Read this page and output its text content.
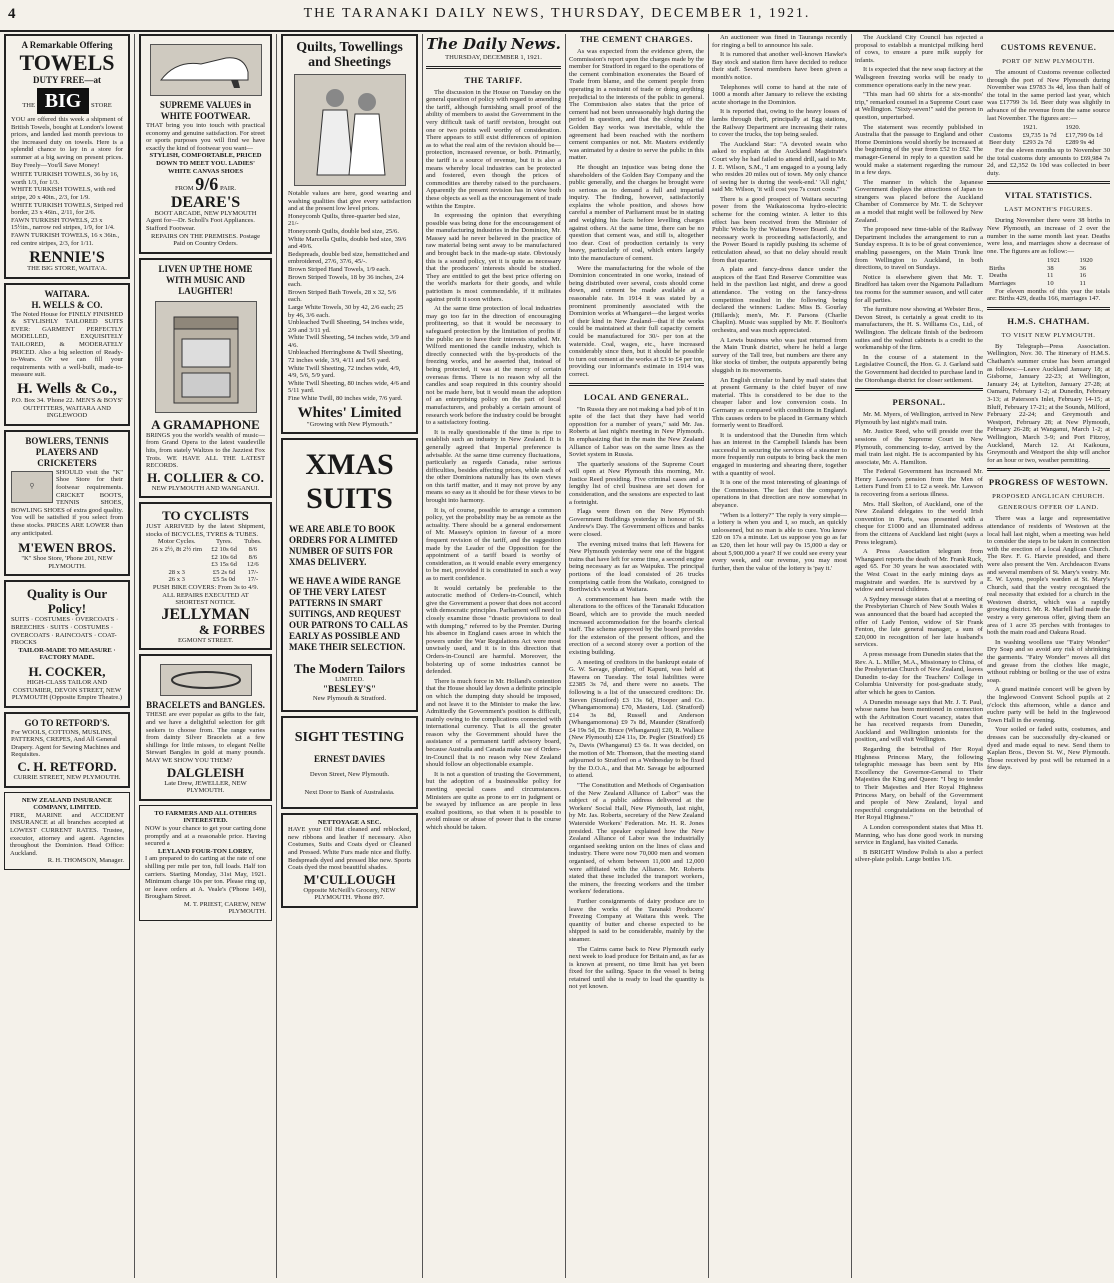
4	THE TARANAKI DAILY NEWS, THURSDAY, DECEMBER 1, 1921.
A Remarkable Offering
TOWELS
DUTY FREE—at
THE BIG STORE
YOU are offered this week a shipment of British Towels, bought at London's lowest prices, and landed last month previous to the increased duty on towels. Here is a splendid chance to lay in a store for summer at a big saving on present prices. Buy Freely—You'll Save Money!
WHITE TURKISH TOWELS, 36 by 16, worth 1/3, for 1/3.
WHITE TURKISH TOWELS, with red stripe, 20 x 40in., 2/3, for 1/9.
WHITE TURKISH TOWELS, Striped red border, 23 x 46in., 2/11, for 2/6.
FAWN TURKISH TOWELS, 23 x 15½in., narrow red stripes, 1/9, for 1/4.
FAWN TURKISH TOWELS, 16 x 36in., red centre stripes, 2/3, for 1/11.
RENNIE'S
THE BIG STORE, WAITA'A.
WAITARA.
H. WELLS & CO.
The Noted House for FINELY FINISHED & STYLISHLY TAILORED SUITS EVER: GARMENT PERFECTLY MODELLED, EXQUISITELY TAILORED, & MODERATELY PRICED. Also a big selection of Ready-to-Wears. Or we can fill your requirements with a well-built, made-to-measure suit.
H. Wells & Co.,
P.O. Box 34. 'Phone 22. MEN'S & BOYS' OUTFITTERS, WAITARA AND INGLEWOOD
BOWLERS, TENNIS PLAYERS AND CRICKETERS
⚲
SHOULD visit the "K" Shoe Store for their footwear requirements. CRICKET BOOTS, TENNIS SHOES, BOWLING SHOES of extra good quality. You will be satisfied if you select from these stocks. PRICES ARE LOWER than any anticipated.
M'EWEN BROS.
"K" Shoe Store, 'Phone 201, NEW PLYMOUTH.
Quality is Our Policy!
SUITS · COSTUMES · OVERCOATS · BREECHES · SUITS · COSTUMES · OVERCOATS · RAINCOATS · COAT-FROCKS
TAILOR-MADE TO MEASURE · FACTORY MADE.
H. COCKER,
HIGH-CLASS TAILOR AND COSTUMIER, DEVON STREET, NEW PLYMOUTH (Opposite Empire Theatre.)
GO TO RETFORD'S.
For WOOLS, COTTONS, MUSLINS, PATTERNS, CREPES, And All General Drapery. Agent for Sewing Machines and Requisites.
C. H. RETFORD.
CURRIE STREET, NEW PLYMOUTH.
NEW ZEALAND INSURANCE COMPANY, LIMITED.
FIRE, MARINE and ACCIDENT INSURANCE at all branches accepted at LOWEST CURRENT RATES. Trustee, executor, attorney and agent. Agencies throughout the Dominion. Head Office: Auckland.
R. H. THOMSON, Manager.
SUPREME VALUES in WHITE FOOTWEAR.
THAT bring you into touch with practical economy and genuine satisfaction. For street or sports purposes you will find we have exactly the kind of footwear you want—
STYLISH, COMFORTABLE, PRICED DOWN TO MEET YOU. LADIES' WHITE CANVAS SHOES
FROM 9/6 PAIR.
DEARE'S
BOOT ARCADE, NEW PLYMOUTH
Agent for—Dr. Scholl's Foot Appliances. Stafford Footwear.
REPAIRS ON THE PREMISES. Postage Paid on Country Orders.
LIVEN UP THE HOME WITH MUSIC AND LAUGHTER!
A GRAMAPHONE
BRINGS you the world's wealth of music—from Grand Opera to the latest vaudeville hits, from stately Waltzes to the Jazziest Fox Trots. WE HAVE ALL THE LATEST RECORDS.
H. COLLIER & CO.
NEW PLYMOUTH AND WANGANUI.
TO CYCLISTS
JUST ARRIVED by the latest Shipment, stocks of BICYCLES, TYRES & TUBES.
Motor Cycles.	Tyres.	Tubes.
26 x 2½, 8t 2½ rim	£2 10s 6d	8/6
	£2 10s 6d	8/6
	£3 15s 6d	12/6
28 x 3	£5 2s 6d	17/-
26 x 3	£5 5s 0d	17/-
PUSH BIKE COVERS: From 3s to 4/9. ALL REPAIRS EXECUTED AT SHORTEST NOTICE.
JELLYMAN
& FORBES
EGMONT STREET.
BRACELETS and BANGLES.
THESE are ever popular as gifts to the fair, and we have a delightful selection for gift seekers to choose from. The range varies from dainty Silver Bracelets at a few shillings for little misses, to elegant Nellie Stewart Bangles in gold at many pounds. MAY WE SHOW YOU THEM?
DALGLEISH
Late Drew, JEWELLER, NEW PLYMOUTH.
TO FARMERS AND ALL OTHERS INTERESTED.
NOW is your chance to get your carting done promptly and at a reasonable price. Having secured a
LEYLAND FOUR-TON LORRY,
I am prepared to do carting at the rate of one shilling per mile per ton, full loads. Half ton carriers. Starting Monday, 31st May, 1921. Minimum charge 10s per ton. Please ring up, or leave orders at A. Veale's ('Phone 149), Brougham Street.
M. T. PRIEST, CAREW, NEW PLYMOUTH.
Quilts, Towellings and Sheetings
Notable values are here, good wearing and washing qualities that give every satisfaction and at the present low level prices.
Honeycomb Quilts, three-quarter bed size, 21/-
Honeycomb Quilts, double bed size, 25/6.
White Marcella Quilts, double bed size, 39/6 and 49/6.
Bedspreads, double bed size, hemstitched and embroidered, 27/6, 37/6, 45/-.
Brown Striped Hand Towels, 1/9 each.
Brown Striped Towels, 18 by 36 inches, 2/4 each.
Brown Striped Bath Towels, 28 x 32, 5/6 each.
Large White Towels, 30 by 42, 2/6 each; 25 by 46, 3/6 each.
Unbleached Twill Sheeting, 54 inches wide, 2/9 and 3/11 yd.
White Twill Sheeting, 54 inches wide, 3/9 and 4/6.
Unbleached Herringbone & Twill Sheeting, 72 inches wide, 3/9, 4/11 and 5/6 yard.
White Twill Sheeting, 72 inches wide, 4/9, 4/9, 5/6, 5/9 yard.
White Twill Sheeting, 80 inches wide, 4/6 and 5/11 yard.
Fine White Twill, 80 inches wide, 7/6 yard.
Whites' Limited
"Growing with New Plymouth."
XMAS SUITS
WE ARE ABLE TO BOOK ORDERS FOR A LIMITED NUMBER OF SUITS FOR XMAS DELIVERY.
WE HAVE A WIDE RANGE OF THE VERY LATEST PATTERNS IN SMART SUITINGS, AND REQUEST OUR PATRONS TO CALL AS EARLY AS POSSIBLE AND MAKE THEIR SELECTION.
The Modern Tailors
LIMITED.
"BESLEY'S"
New Plymouth & Stratford.
SIGHT TESTING
ERNEST DAVIES
Devon Street, New Plymouth.
Next Door to Bank of Australasia.
NETTOYAGE A SEC.
HAVE your Oil Hat cleaned and reblocked, new ribbons and leather if necessary. Also Costumes, Suits and Coats dyed or Cleaned and Pressed. White Furs made nice and fluffy. Bedspreads dyed and pressed like new. Sports Coats dyed the most beautiful shades.
M'CULLOUGH
Opposite McNeill's Grocery, NEW PLYMOUTH. 'Phone 897.
The Daily News.
THURSDAY, DECEMBER 1, 1921.
THE TARIFF.
The discussion in the House on Tuesday on the general question of policy with regard to amending the tariff, although furnishing small proof of the ability of members to assist the Government in the very difficult task of tariff revision, brought out one or two points well worthy of consideration. There appears to still exist differences of opinion as to what the real aim of the revision should be—protection, increased revenue, or both. Primarily, the tariff is a source of revenue, but it is also a means whereby local industries can be protected and fostered, even though the prices of commodities are thereby raised to the purchasers. Apparently the present revision has in view both these objects as well as the encouragement of trade within the Empire.
In expressing the opinion that everything possible was being done for the encouragement of the manufacturing industries in the Dominion, Mr. Massey said he never believed in the practice of raw material being sent away to be manufactured and brought back in the made-up state. Obviously this is a sound policy, yet it is quite as necessary that the producers' interests should be studied. They are entitled to get the best price offering on the world's markets for their goods, and while patriotism is most commendable, if it militates against profit it soon withers.
At the same time protection of local industries may go too far in the direction of encouraging profiteering, so that it would be necessary to safeguard protection by the limitation of profits if the public are to have their interests studied. Mr. Wilford mentioned the candle industry, which is directly connected with the by-products of the freezing works, and he asserted that, instead of being protected, it was at the mercy of certain overseas firms. There is no reason why all the candles and soap required in this country should not be made here, but it would mean the adoption of an enterprising policy on the part of local manufacturers, and probably a certain amount of research work before the industry could be brought to a satisfactory footing.
It is really questionable if the time is ripe to establish such an industry in New Zealand. It is generally agreed that Imperial preference is advisable. At the same time currency fluctuations, particularly as regards Canada, raise serious difficulties, besides affecting prices, while each of the other Dominions naturally has its own views on this tariff matter, and it may not prove by any means so easy as it should be for these views to be brought into harmony.
It is, of course, possible to arrange a common policy, yet the probability may be as remote as the actuality. There should be a general endorsement of Mr. Massey's opinion in favour of a more frequent revision of the tariff, and the suggestion made by the Leader of the Opposition for the appointment of a tariff board is worthy of consideration, as it would enable every emergency to be met, provided it is constituted in such a way as to merit confidence.
It would certainly be preferable to the autocratic method of Orders-in-Council, which give the Government a power that does not accord with democratic principles. Parliament will need to closely examine those "drastic provisions to deal with dumping," referred to by the Premier. During his absence in England cases arose in which the powers under the War Regulations Act were most unwisely used, and it is in this direction that Orders-in-Council are harmful. Moreover, the bolstering up of some industries cannot be defended.
There is much force in Mr. Holland's contention that the House should lay down a definite principle on which the dumping duty should be imposed, and not leave it to the Minister to make the law. Admittedly the Government's position is difficult, mainly owing to the complications connected with international currency. That is all the greater reason why the Government should have the assistance of a permanent tariff advisory board, because Australia and Canada make use of Orders-in-Council that is no reason why New Zealand should follow an objectionable example.
It is not a question of trusting the Government, but the adoption of a businesslike policy for meeting special cases and circumstances. Ministers are quite as prone to err in judgment or be swayed by influence as are people in less exalted positions, so that when it is possible to avoid misuse or abuse of power that is the course which should be taken.
THE CEMENT CHARGES.
As was expected from the evidence given, the Commission's report upon the charges made by the member for Stratford in regard to the operations of the cement combination exonerates the Board of Trade from blame, and the cement people from operating in a restraint of trade or doing anything prejudicial to the interests of the public in general. The Commission also states that the price of cement had not been unreasonably high during the period in question, and that the closing of the Golden Bay works was inevitable, while the agreement had been reached with the northern cement companies or not. Mr. Masters evidently was animated by a desire to serve the public in this matter.
He thought an injustice was being done the shareholders of the Golden Bay Company and the public generally, and the charges he brought were so serious as to demand a full and impartial inquiry. The finding, however, satisfactorily explains the whole position, and shows how careful a member of Parliament must be in stating and weighing his facts before levelling charges against others. At the same time, there can be no question that cement was, and still is, altogether too dear. Cost of production certainly is very heavy, particularly of coal, which enters largely into the manufacture of cement.
Were the manufacturing for the whole of the Dominion concentrated in one works, instead of being distributed over several, costs should come down, and cement be made available at a reasonable rate. In 1914 it was stated by a prominent prominently associated with the Dominion works at Whangarei—the largest works of their kind in New Zealand—that if the works could be maintained at their full capacity cement could be manufactured for 30/- per ton at the waterside. Coal, wages, etc., have increased considerably since then, but it should be possible to turn out cement at the works at £3 to £4 per ton, providing our informant's estimate in 1914 was correct.
LOCAL AND GENERAL.
"In Russia they are not making a bad job of it in spite of the fact that they have had world opposition for a number of years," said Mr. Jas. Roberts at last night's meeting in New Plymouth. In emphasizing that in the main the New Zealand Alliance of Labor was on the same lines as the Soviet system in Russia.
The quarterly sessions of the Supreme Court will open at New Plymouth this morning, Mr. Justice Reed presiding. Five criminal cases and a lengthy list of civil business are set down for consideration, and the sessions are expected to last a fortnight.
Flags were flown on the New Plymouth Government Buildings yesterday in honour of St. Andrew's Day. The Government offices and banks were closed.
The evening mixed trains that left Hawera for New Plymouth yesterday were one of the biggest trains that have left for some time, a second engine being necessary as far as Waipuku. The principal portions of the load consisted of 26 trucks comprising cattle from the Waikato, consigned to Borthwick's works at Waitara.
A commencement has been made with the alterations to the offices of the Taranaki Education Board, which are to provide the much needed increased accommodation for the board's clerical staff. The scheme approved by the board provides for the extension of the present offices, and the erection of a second storey over a portion of the existing building.
A meeting of creditors in the bankrupt estate of G. W. Savage, plumber, of Kapuni, was held at Hawera on Tuesday. The total liabilities were £2385 3s 7d, and there were no assets. The following is a list of the unsecured creditors: Dr. Steven (Stratford) £3 13s 6d, Hooper and Co. (Whangamomona) £70, Masters, Ltd. (Stratford) £14 3s 8d, Russell and Anderson (Whangamomona) £9 7s 8d, Maunder (Stratford) £4 19s 5d, Dr. Bruce (Whanganui) £20, R. Wallace (New Plymouth) £24 11s, Dr. Pegler (Stratford) £6 7s, Davis (Whanganui) £3 6s. It was decided, on the motion of Mr. Thomson, that the meeting stand adjourned to Stratford on a Wednesday to be fixed by the D.O.A., and that Mr. Savage be adjourned to attend.
"The Constitution and Methods of Organisation of the New Zealand Alliance of Labor" was the subject of a public address delivered at the Workers' Social Hall, New Plymouth, last night, by Mr. Jas. Roberts, secretary of the New Zealand Waterside Workers' Federation. Mr. H. R. Jones presided. The speaker explained how the New Zealand Alliance of Labor was the industrially organised seeking union on the lines of class and industry. There were now 70,000 men and women organised, of whom between 11,000 and 12,000 were affiliated with the Alliance. Mr. Roberts stated that these included the transport workers, the miners, the freezing workers and the timber workers' federations.
Further consignments of dairy produce are to leave the works of the Taranaki Producers' Freezing Company at Waitara this week. The quantity of butter and cheese expected to be shipped is said to be considerable, mainly by the steamer.
The Cairns came back to New Plymouth early next week to load produce for Britain and, as far as is known at present, no time limit has yet been fixed for the sailing. Space in the vessel is being retained until she is ready to load the quantity is not yet known.
An auctioneer was fined in Tauranga recently for ringing a bell to announce his sale.
It is rumored that another well-known Hawke's Bay stock and station firm have decided to reduce their staff. Several members have been given a month's notice.
Telephones will come to hand at the rate of 1000 a month after January to relieve the existing acute shortage in the Dominion.
It is reported that, owing to the heavy losses of lambs through theft, principally at Egg stations, the Railway Department are increasing their rates to cover the trucks, the top being sealed.
The Auckland Star: "A devoted swain who asked to explain at the Auckland Magistrate's Court why he had failed to attend drill, said to Mr. J. E. Wilson, S.M., 'I am engaged to a young lady who resides 20 miles out of town. My only chance of seeing her is during the week-end.' 'All right,' said Mr. Wilson, 'it will cost you 7s court costs.'"
There is a good prospect of Waitara securing power from the Waikatoscoma hydro-electric scheme for the coming winter. A letter to this effect has been received from the Minister of Public Works by the Waitara Power Board. At the necessary work is proceeding satisfactorily, and the Power Board is rapidly pushing its scheme of reticulation ahead, so that no delay should result from that quarter.
A plain and fancy-dress dance under the auspices of the East End Reserve Committee was held in the pavilion last night, and drew a good attendance. The voting on the fancy-dress competition resulted in the following being declared the winners: Ladies: Miss B. Gourlay (Hillards); men's, Mr. F. Parsons (Charlie Chaplin). Music was supplied by Mr. F. Boulton's orchestra, and was much appreciated.
A Lewis business who was just returned from the Main Trunk district, where he held a large survey of the Tall tree, but numbers are there any like stocks of timber, the outputs apparently being sluggish in its movements.
An English circular to hand by mail states that at present Germany is the chief buyer of raw material. This is considered to be due to the cheaper labor and low conversion costs. In Germany as compared with conditions in England. This causes orders to be placed in Germany which formerly went to Bradford.
It is understood that the Dunedin firm which has an interest in the Campbell Islands has been successful in securing the services of a steamer to more frequently run outputs to bring back the men engaged in mustering and shearing there, together with a quantity of wool.
It is one of the most interesting of gleanings of the Commission. The fact that the company's operations in that direction are now somewhat in abeyance.
"When is a lottery?" The reply is very simple—a lottery is when you and I, so much, an quickly unloosened, but no man is able to cure. You know £20 on 17s a minute. Let us suppose you go as far as £20, then let hour will pay 0s 15,000 a day or about 5,900,000 a year? If we could see every year every week, and our revenue, you may most further, then the value of the lottery is 'pay it.'
The Auckland City Council has rejected a proposal to establish a municipal milking herd of cows, to ensure a pure milk supply for infants.
It is expected that the new soap factory at the Wallsgreen freezing works will be ready to commence operations early in the new year.
"This man had 60 shirts for a six-months' trip," remarked counsel in a Supreme Court case at Wellington. "Sixty-seven!" said the person in question, unperturbed.
The statement was recently published in Australia that the passage to England and other Home Dominions would shortly be increased at the beginning of the year from £52 to £62. The manager-General in reply to a question said he would make a statement regarding the rumour in a few days.
The manner in which the Japanese Government displays the attractions of Japan to strangers was placed before the Auckland Chamber of Commerce by Mr. T. de Schryver as a model that might well be followed by New Zealand.
The proposed new time-table of the Railway Department includes the arrangement to run a Sunday express. It is to be of great convenience, enabling passengers, on the Main Trunk line from Wellington to Auckland, in both directions, to travel on Sundays.
Notice is elsewhere given that Mr. T. Bradford has taken over the Ngamotu Palladium tea rooms for the summer season, and will cater for all parties.
The furniture now showing at Webster Bros., Devon Street, is certainly a great credit to its manufacturers, the H. S. Williams Co., Ltd., of Wellington. The delicate finish of the bedroom suites and the walnut cabinets is a credit to the workmanship of the firm.
In the course of a statement in the Legislative Council, the Hon. G. J. Garland said the Government had decided to purchase land in the Otorohanga district for closer settlement.
PERSONAL.
Mr. M. Myers, of Wellington, arrived in New Plymouth by last night's mail train.
Mr. Justice Reed, who will preside over the sessions of the Supreme Court in New Plymouth, commencing to-day, arrived by the mail train last night. He is accompanied by his associate, Mr. A. Hamilton.
The Federal Government has increased Mr. Henry Lawson's pension from the Men of Letters Fund from £1 to £2 a week. Mr. Lawson is recovering from a serious illness.
Mrs. Hall Skelton, of Auckland, one of the New Zealand delegates to the world Irish convention in Paris, was presented with a cheque for £1000 and an illuminated address from the citizens of Auckland last night (says a Press telegram).
A Press Association telegram from Whangarei reports the death of Mr. Frank Ruck, aged 65. For 30 years he was associated with the West Coast in the early mining days as magistrate and warden. He is survived by a widow and several children.
A Sydney message states that at a meeting of the Presbyterian Church of New South Wales it was announced that the board had accepted the offer of Lady Fenton, widow of Sir Frank Fenton, the late general manager, a sum of £20,000 in recognition of her late husband's services.
A press message from Dunedin states that the Rev. A. L. Miller, M.A., Missionary to China, of the Presbyterian Church of New Zealand, leaves Dunedin to-day for the Teachers' College in Columbia University for post-graduate study, after which he goes to Canton.
A Dunedin message says that Mr. J. T. Paul, whose name has been mentioned in connection with the Arbitration Court vacancy, states that he has received requests from Dunedin, Auckland and Wellington unionists for the position, and will visit Wellington.
Regarding the betrothal of Her Royal Highness Princess Mary, the following telegraphic message has been sent by His Excellency the Governor-General to Their Majesties the King and Queen: "I beg to tender to Their Majesties and Her Royal Highness Princess Mary, on behalf of the Government and people of New Zealand, loyal and respectful congratulations on the betrothal of Her Royal Highness."
A London correspondent states that Miss H. Manning, who has done good work in nursing service in England, has visited Canada.
B BRIGHT Window Polish is also a perfect silver-plate polish. Large bottles 1/6.
CUSTOMS REVENUE.
PORT OF NEW PLYMOUTH.
The amount of Customs revenue collected through the port of New Plymouth during November was £9783 3s 4d, less than half of the total in the same period last year, which was £17799 3s 1d. Beer duty was slightly in advance of the revenue from the same source last November. The figures are:—
	1921.	1920.
Customs	£9,735 1s 7d	£17,799 0s 1d
Beer duty	£293 2s 7d	£289 9s 4d
For the eleven months up to November 30 the total customs duty amounts to £69,984 7s 2d, and £2,352 0s 10d was collected in beer duty.
VITAL STATISTICS.
LAST MONTH'S FIGURES.
During November there were 38 births in New Plymouth, an increase of 2 over the number in the same month last year. Deaths were less, and marriages show a decrease of one. The figures are as follow:—
	1921	1920
Births	38	36
Deaths	11	16
Marriages	10	11
For eleven months of this year the totals are: Births 429, deaths 166, marriages 147.
H.M.S. CHATHAM.
TO VISIT NEW PLYMOUTH.
By Telegraph—Press Association. Wellington, Nov. 30. The itinerary of H.M.S. Chatham's summer cruise has been arranged as follows:—Leave Auckland January 18; at Gisborne, January 22-23; at Wellington, January 24; at Lyttelton, January 27-28; at Oamaru, February 1-2; at Dunedin, February 3-13; at Paterson's Inlet, February 14-15; at Bluff, February 17-21; at the Sounds, Milford, February 22-24; and Greymouth and Westport, February 28; at New Plymouth, February 26-28; at Wanganui, March 1-2; at Wellington, March 3-9; and Port Fitzroy, Auckland, March 12. At Kaikoura, Greymouth and Westport the ship will anchor for an hour or two, weather permitting.
PROGRESS OF WESTOWN.
PROPOSED ANGLICAN CHURCH. GENEROUS OFFER OF LAND.
There was a large and representative attendance of residents of Westown at the local hall last night, when a meeting was held to consider the steps to be taken in connection with the erection of a local Anglican Church. The Rev. F. G. Harvie presided, and there were also present the Ven. Archdeacon Evans and several members of St. Mary's vestry. Mr. E. W. Lyons, people's warden at St. Mary's Church, said that the vestry recognised the real necessity that existed for a church in the Westown district, which was a rapidly growing district. Mr. R. Marfell had made the vestry a very generous offer, giving them an area of 1 acre 35 perches with frontages to both the main road and Oakura Road.
In washing woollens use "Fairy Wonder" Dry Soap and so avoid any risk of shrinking the garments. "Fairy Wonder" moves all dirt and grease from the clothes like magic, without rubbing or boiling or the use of extra soap.
A grand matinée concert will be given by the Inglewood Convent School pupils at 2 o'clock this afternoon, while a dance and euchre party will be held in the Inglewood Town Hall in the evening.
Your soiled or faded suits, costumes, and dresses can be successfully dry-cleaned or dyed and made equal to new. Send them to Kaplan Bros., Devon St. W., New Plymouth. Those received by post will be returned in a few days.
